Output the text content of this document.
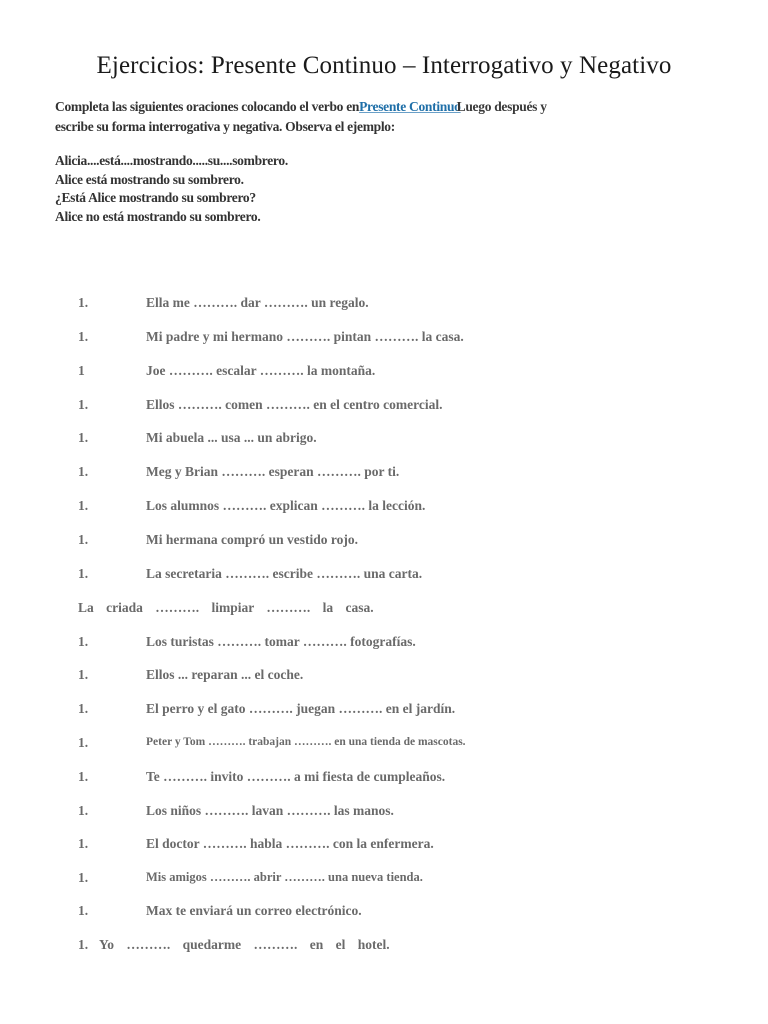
Ejercicios: Presente Continuo – Interrogativo y Negativo
Completa las siguientes oraciones colocando el verbo enPresente ContinuoLuego después y
escribe su forma interrogativa y negativa. Observa el ejemplo:
Alicia....está....mostrando.....su....sombrero.
Alice está mostrando su sombrero.
¿Está Alice mostrando su sombrero?
Alice no está mostrando su sombrero.
1.	Ella me ………. dar ………. un regalo.
1.	Mi padre y mi hermano ………. pintan ………. la casa.
1	Joe ………. escalar ………. la montaña.
1.	Ellos ………. comen ………. en el centro comercial.
1.	Mi abuela ... usa ... un abrigo.
1.	Meg y Brian ………. esperan ………. por ti.
1.	Los alumnos ………. explican ………. la lección.
1.	Mi hermana compró un vestido rojo.
1.	La secretaria ………. escribe ………. una carta.
La criada ………. limpiar ………. la casa.
1.	Los turistas ………. tomar ………. fotografías.
1.	Ellos ... reparan ... el coche.
1.	El perro y el gato ………. juegan ………. en el jardín.
1.	Peter y Tom ………. trabajan ………. en una tienda de mascotas.
1.	Te ………. invito ………. a mi fiesta de cumpleaños.
1.	Los niños ………. lavan ………. las manos.
1.	El doctor ………. habla ………. con la enfermera.
1.	Mis amigos ………. abrir ………. una nueva tienda.
1.	Max te enviará un correo electrónico.
1. Yo ………. quedarme ………. en el hotel.
